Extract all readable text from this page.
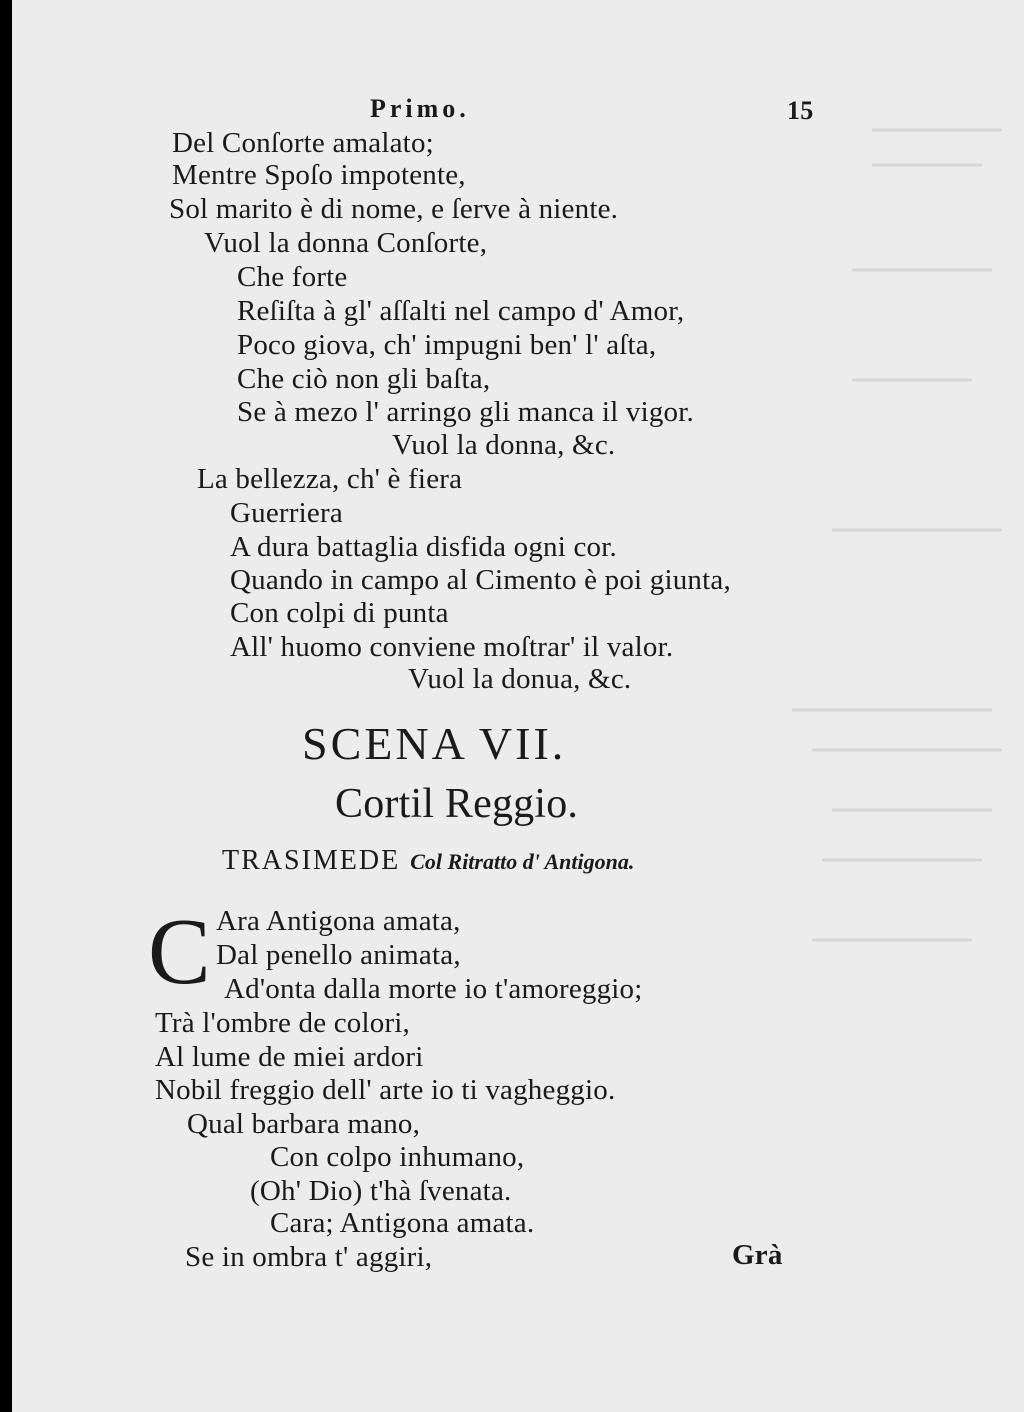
Primo.	15
Del Conſorte amalato;
Mentre Spoſo impotente,
Sol marito è di nome, e ſerve à niente.
Vuol la donna Conſorte,
Che forte
Reſiſta à gl' aſſalti nel campo d' Amor,
Poco giova, ch' impugni ben' l' aſta,
Che ciò non gli baſta,
Se à mezo l' arringo gli manca il vigor.
Vuol la donna, &c.
La bellezza, ch' è fiera
Guerriera
A dura battaglia disfida ogni cor.
Quando in campo al Cimento è poi giunta,
Con colpi di punta
All' huomo conviene moſtrar' il valor.
Vuol la donua, &c.
SCENA VII.
Cortil Reggio.
TRASIMEDE Col Ritratto d' Antigona.
C Ara Antigona amata,
Dal penello animata,
Ad'onta dalla morte io t'amoreggio;
Trà l'ombre de colori,
Al lume de miei ardori
Nobil freggio dell' arte io ti vagheggio.
Qual barbara mano,
Con colpo inhumano,
(Oh' Dio) t'hà ſvenata.
Cara; Antigona amata.
Se in ombra t' aggiri,	Grà
